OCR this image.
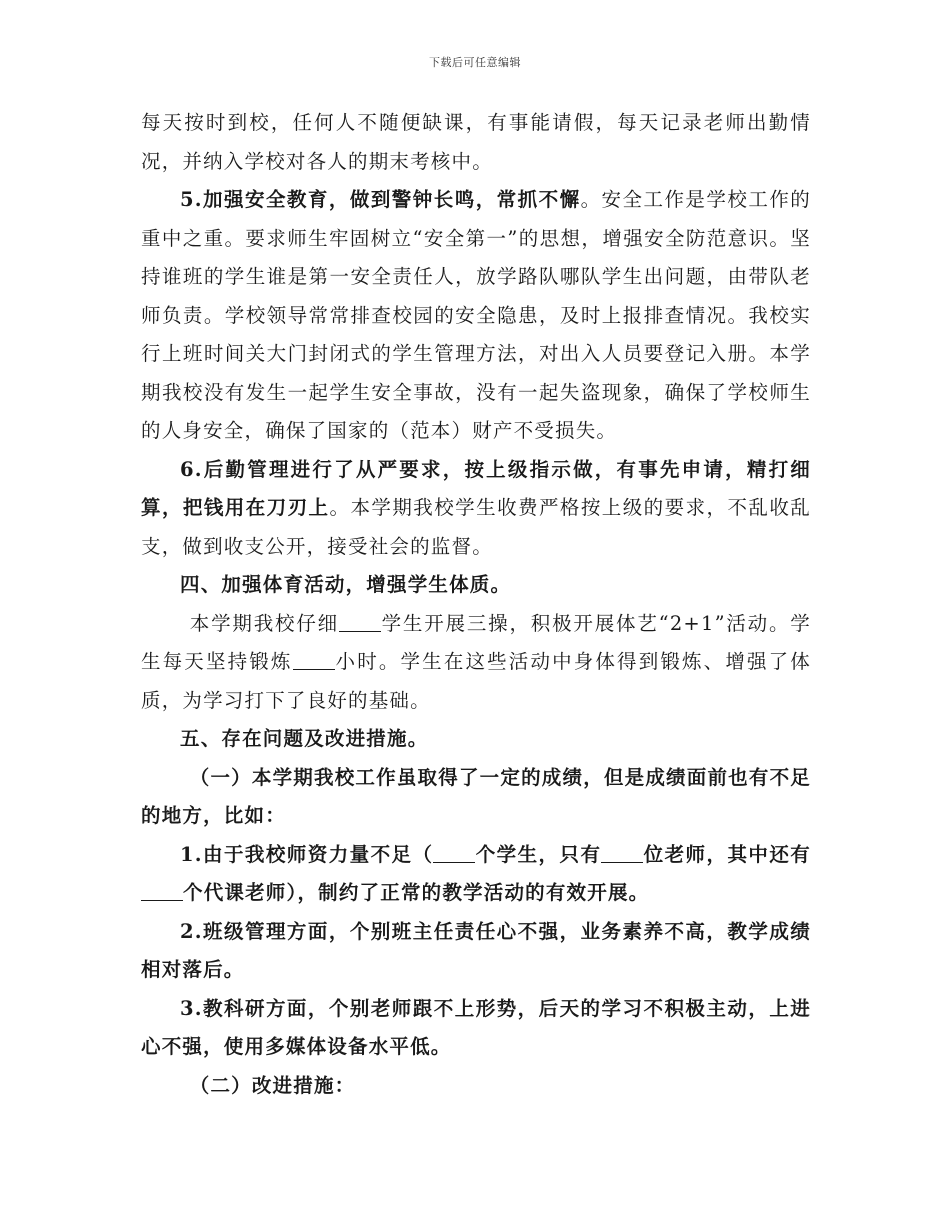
下载后可任意编辑

每天按时到校，任何人不随便缺课，有事能请假，每天记录老师出勤情况，并纳入学校对各人的期末考核中。

5.加强安全教育，做到警钟长鸣，常抓不懈。安全工作是学校工作的重中之重。要求师生牢固树立“安全第一”的思想，增强安全防范意识。坚持谁班的学生谁是第一安全责任人，放学路队哪队学生出问题，由带队老师负责。学校领导常常排查校园的安全隐患，及时上报排查情况。我校实行上班时间关大门封闭式的学生管理方法，对出入人员要登记入册。本学期我校没有发生一起学生安全事故，没有一起失盗现象，确保了学校师生的人身安全，确保了国家的（范本）财产不受损失。

6.后勤管理进行了从严要求，按上级指示做，有事先申请，精打细算，把钱用在刀刃上。本学期我校学生收费严格按上级的要求，不乱收乱支，做到收支公开，接受社会的监督。

四、加强体育活动，增强学生体质。

本学期我校仔细 学生开展三操，积极开展体艺“2+1”活动。学生每天坚持锻炼 小时。学生在这些活动中身体得到锻炼、增强了体质，为学习打下了良好的基础。

五、存在问题及改进措施。

（一）本学期我校工作虽取得了一定的成绩，但是成绩面前也有不足的地方，比如：

1.由于我校师资力量不足（ 个学生，只有 位老师，其中还有个代课老师），制约了正常的教学活动的有效开展。

2.班级管理方面，个别班主任责任心不强，业务素养不高，教学成绩相对落后。

3.教科研方面，个别老师跟不上形势，后天的学习不积极主动，上进心不强，使用多媒体设备水平低。

（二）改进措施：
